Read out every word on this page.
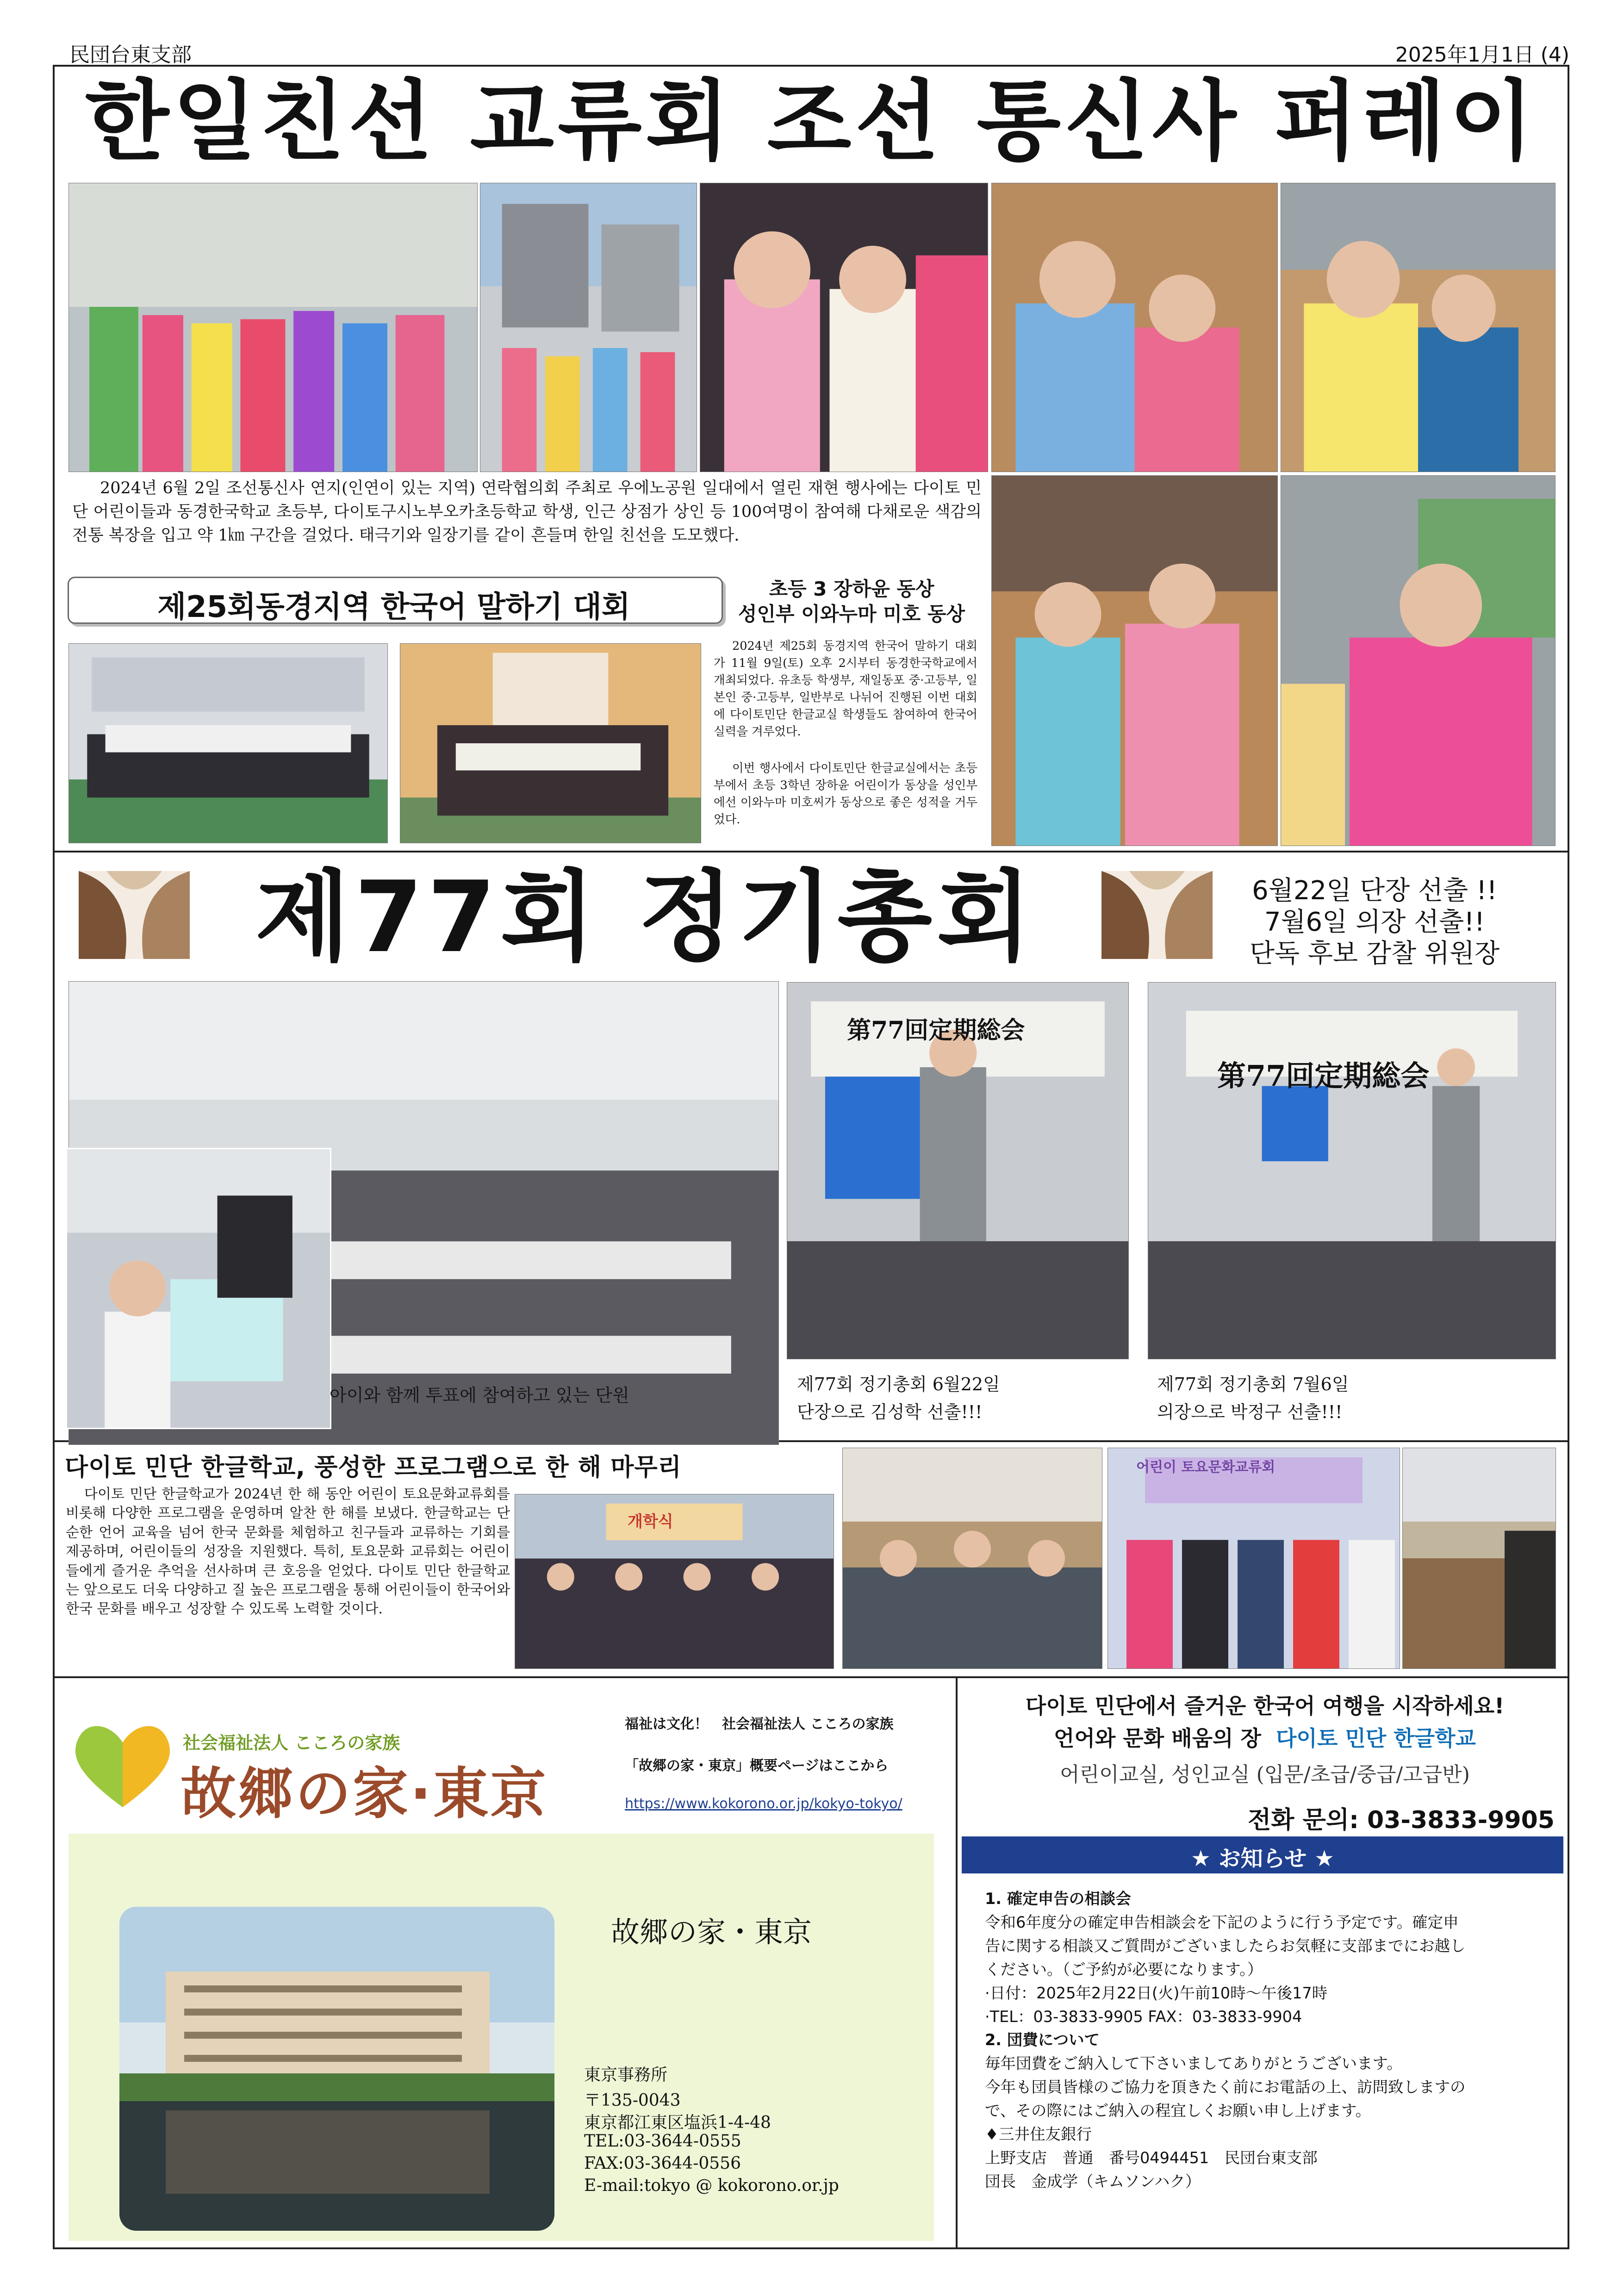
民団台東支部	2025年1月1日 (4)
한일친선 교류회 조선 통신사 퍼레이
2024년 6월 2일 조선통신사 연지(인연이 있는 지역) 연락협의회 주최로 우에노공원 일대에서 열린 재현 행사에는 다이토 민단 어린이들과 동경한국학교 초등부, 다이토구시노부오카초등학교 학생, 인근 상점가 상인 등 100여명이 참여해 다채로운 색감의 전통 복장을 입고 약 1㎞ 구간을 걸었다. 태극기와 일장기를 같이 흔들며 한일 친선을 도모했다.
제25회동경지역 한국어 말하기 대회
초등 3 장하윤 동상
성인부 이와누마 미호 동상
2024년 제25회 동경지역 한국어 말하기 대회가 11월 9일(토) 오후 2시부터 동경한국학교에서 개최되었다. 유초등 학생부, 재일동포 중·고등부, 일본인 중·고등부, 일반부로 나뉘어 진행된 이번 대회에 다이토민단 한글교실 학생들도 참여하여 한국어 실력을 겨루었다.
이번 행사에서 다이토민단 한글교실에서는 초등부에서 초등 3학년 장하윤 어린이가 동상을 성인부에선 이와누마 미호씨가 동상으로 좋은 성적을 거두었다.
제77회 정기총회	6월22일 단장 선출 !!
7월6일 의장 선출!!
단독 후보 감찰 위원장
아이와 함께 투표에 참여하고 있는 단원
第77回定期総会
제77회 정기총회 6월22일
단장으로 김성학 선출!!!
第77回定期総会
제77회 정기총회 7월6일
의장으로 박정구 선출!!!
다이토 민단 한글학교, 풍성한 프로그램으로 한 해 마무리
다이토 민단 한글학교가 2024년 한 해 동안 어린이 토요문화교류회를 비롯해 다양한 프로그램을 운영하며 알찬 한 해를 보냈다. 한글학교는 단순한 언어 교육을 넘어 한국 문화를 체험하고 친구들과 교류하는 기회를 제공하며, 어린이들의 성장을 지원했다. 특히, 토요문화 교류회는 어린이들에게 즐거운 추억을 선사하며 큰 호응을 얻었다. 다이토 민단 한글학교는 앞으로도 더욱 다양하고 질 높은 프로그램을 통해 어린이들이 한국어와 한국 문화를 배우고 성장할 수 있도록 노력할 것이다.
개학식
어린이 토요문화교류회
社会福祉法人 こころの家族
故郷の家·東京
福祉は文化！　社会福祉法人 こころの家族
「故郷の家・東京」概要ページはここから
https://www.kokorono.or.jp/kokyo-tokyo/
故郷の家・東京
東京事務所
〒135-0043
東京都江東区塩浜1-4-48
TEL:03-3644-0555
FAX:03-3644-0556
E-mail:tokyo @ kokorono.or.jp
다이토 민단에서 즐거운 한국어 여행을 시작하세요!
언어와 문화 배움의 장 다이토 민단 한글학교
어린이교실, 성인교실 (입문/초급/중급/고급반)
전화 문의: 03-3833-9905
★ お知らせ ★
1. 確定申告の相談会
令和6年度分の確定申告相談会を下記のように行う予定です。確定申
告に関する相談又ご質問がございましたらお気軽に支部までにお越し
ください。（ご予約が必要になります。）
·日付：2025年2月22日(火)午前10時～午後17時
·TEL：03-3833-9905 FAX：03-3833-9904
2. 団費について
毎年団費をご納入して下さいましてありがとうございます。
今年も団員皆様のご協力を頂きたく前にお電話の上、訪問致しますの
で、その際にはご納入の程宜しくお願い申し上げます。
♦三井住友銀行
上野支店　普通　番号0494451　民団台東支部
団長　金成学（キムソンハク）
